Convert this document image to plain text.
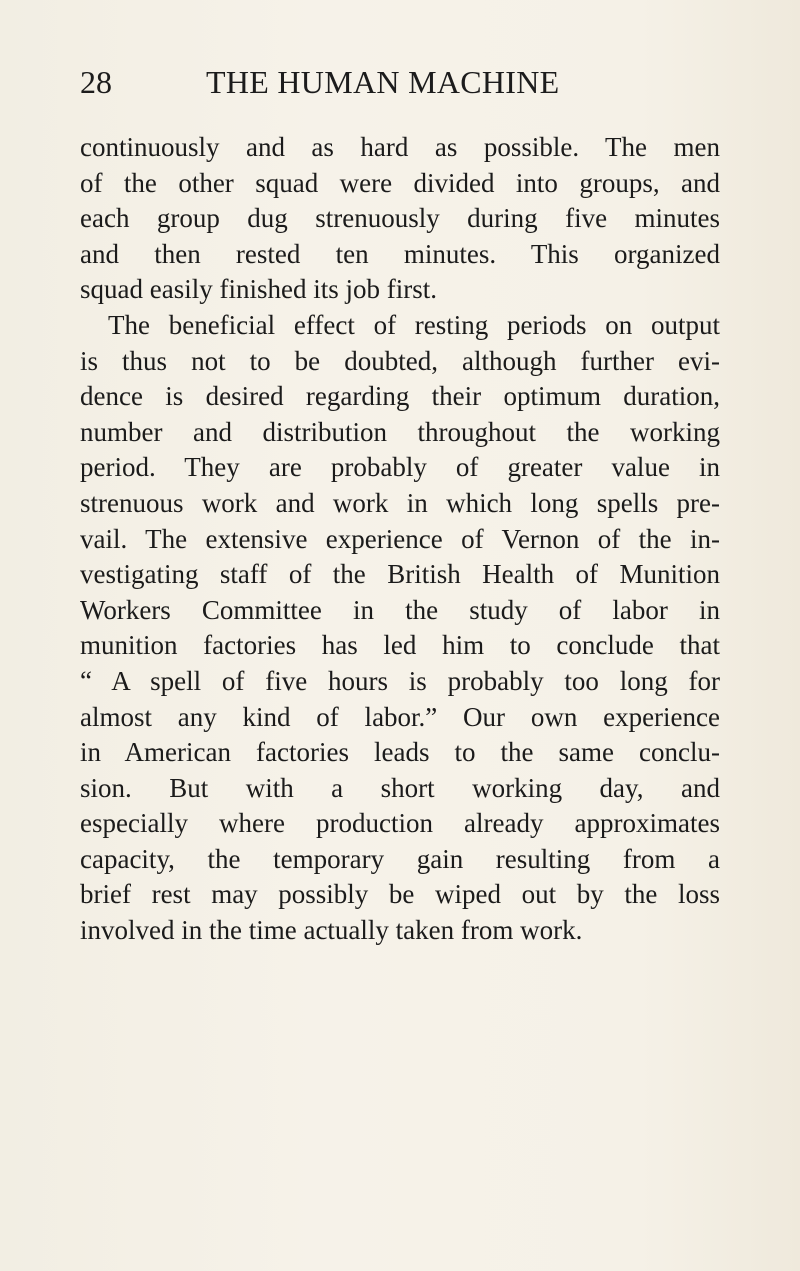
28	THE HUMAN MACHINE
continuously and as hard as possible. The men
of the other squad were divided into groups, and
each group dug strenuously during five minutes
and then rested ten minutes. This organized
squad easily finished its job first.
The beneficial effect of resting periods on output
is thus not to be doubted, although further evi-
dence is desired regarding their optimum duration,
number and distribution throughout the working
period. They are probably of greater value in
strenuous work and work in which long spells pre-
vail. The extensive experience of Vernon of the in-
vestigating staff of the British Health of Munition
Workers Committee in the study of labor in
munition factories has led him to conclude that
“ A spell of five hours is probably too long for
almost any kind of labor.” Our own experience
in American factories leads to the same conclu-
sion. But with a short working day, and
especially where production already approximates
capacity, the temporary gain resulting from a
brief rest may possibly be wiped out by the loss
involved in the time actually taken from work.
